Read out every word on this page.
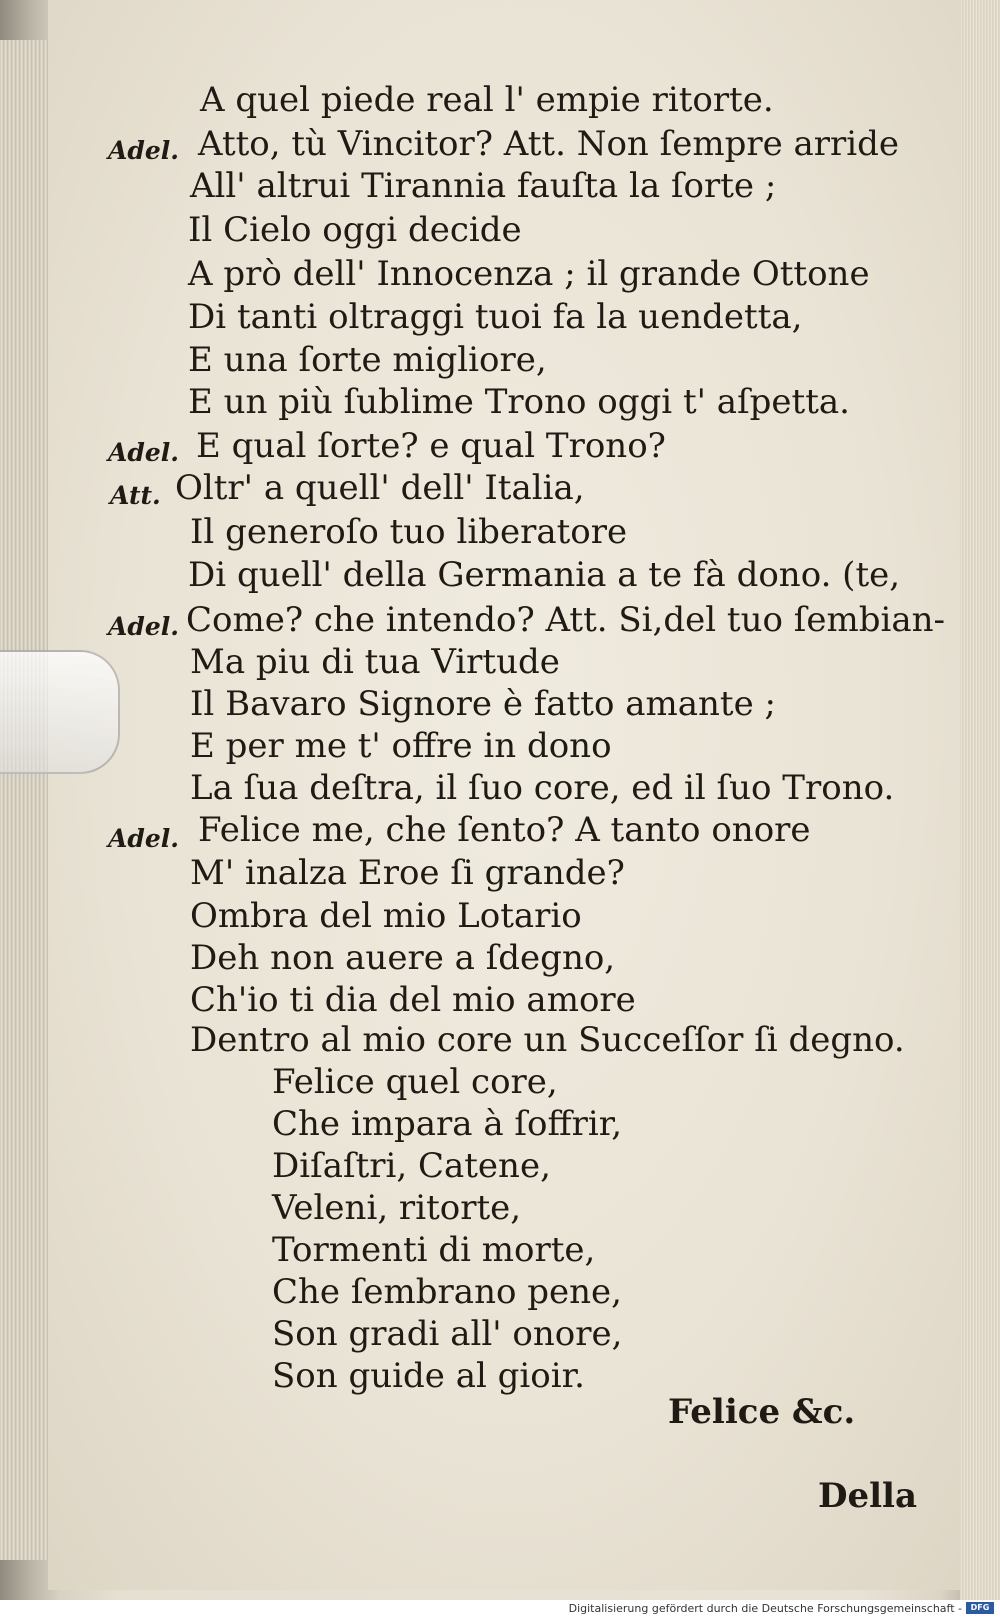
A quel piede real l' empie ritorte.
Adel. Atto, tù Vincitor? Att. Non ſempre arride
All' altrui Tirannia fauſta la ſorte ;
Il Cielo oggi decide
A prò dell' Innocenza ; il grande Ottone
Di tanti oltraggi tuoi fa la uendetta,
E una ſorte migliore,
E un più ſublime Trono oggi t' aſpetta.
Adel. E qual ſorte? e qual Trono?
Att. Oltr' a quell' dell' Italia,
Il generoſo tuo liberatore
Di quell' della Germania a te fà dono. (te,
Adel. Come? che intendo? Att. Si,del tuo ſembian-
Ma piu di tua Virtude
Il Bavaro Signore è fatto amante ;
E per me t' offre in dono
La ſua deſtra, il ſuo core, ed il ſuo Trono.
Adel. Felice me, che ſento? A tanto onore
M' inalza Eroe ſi grande?
Ombra del mio Lotario
Deh non auere a ſdegno,
Ch'io ti dia del mio amore
Dentro al mio core un Succeſſor ſi degno.
Felice quel core,
Che impara à ſoffrir,
Diſaſtri, Catene,
Veleni, ritorte,
Tormenti di morte,
Che ſembrano pene,
Son gradi all' onore,
Son guide al gioir.
Felice &c.
Della
Digitalisierung gefördert durch die Deutsche Forschungsgemeinschaft -	DFG
